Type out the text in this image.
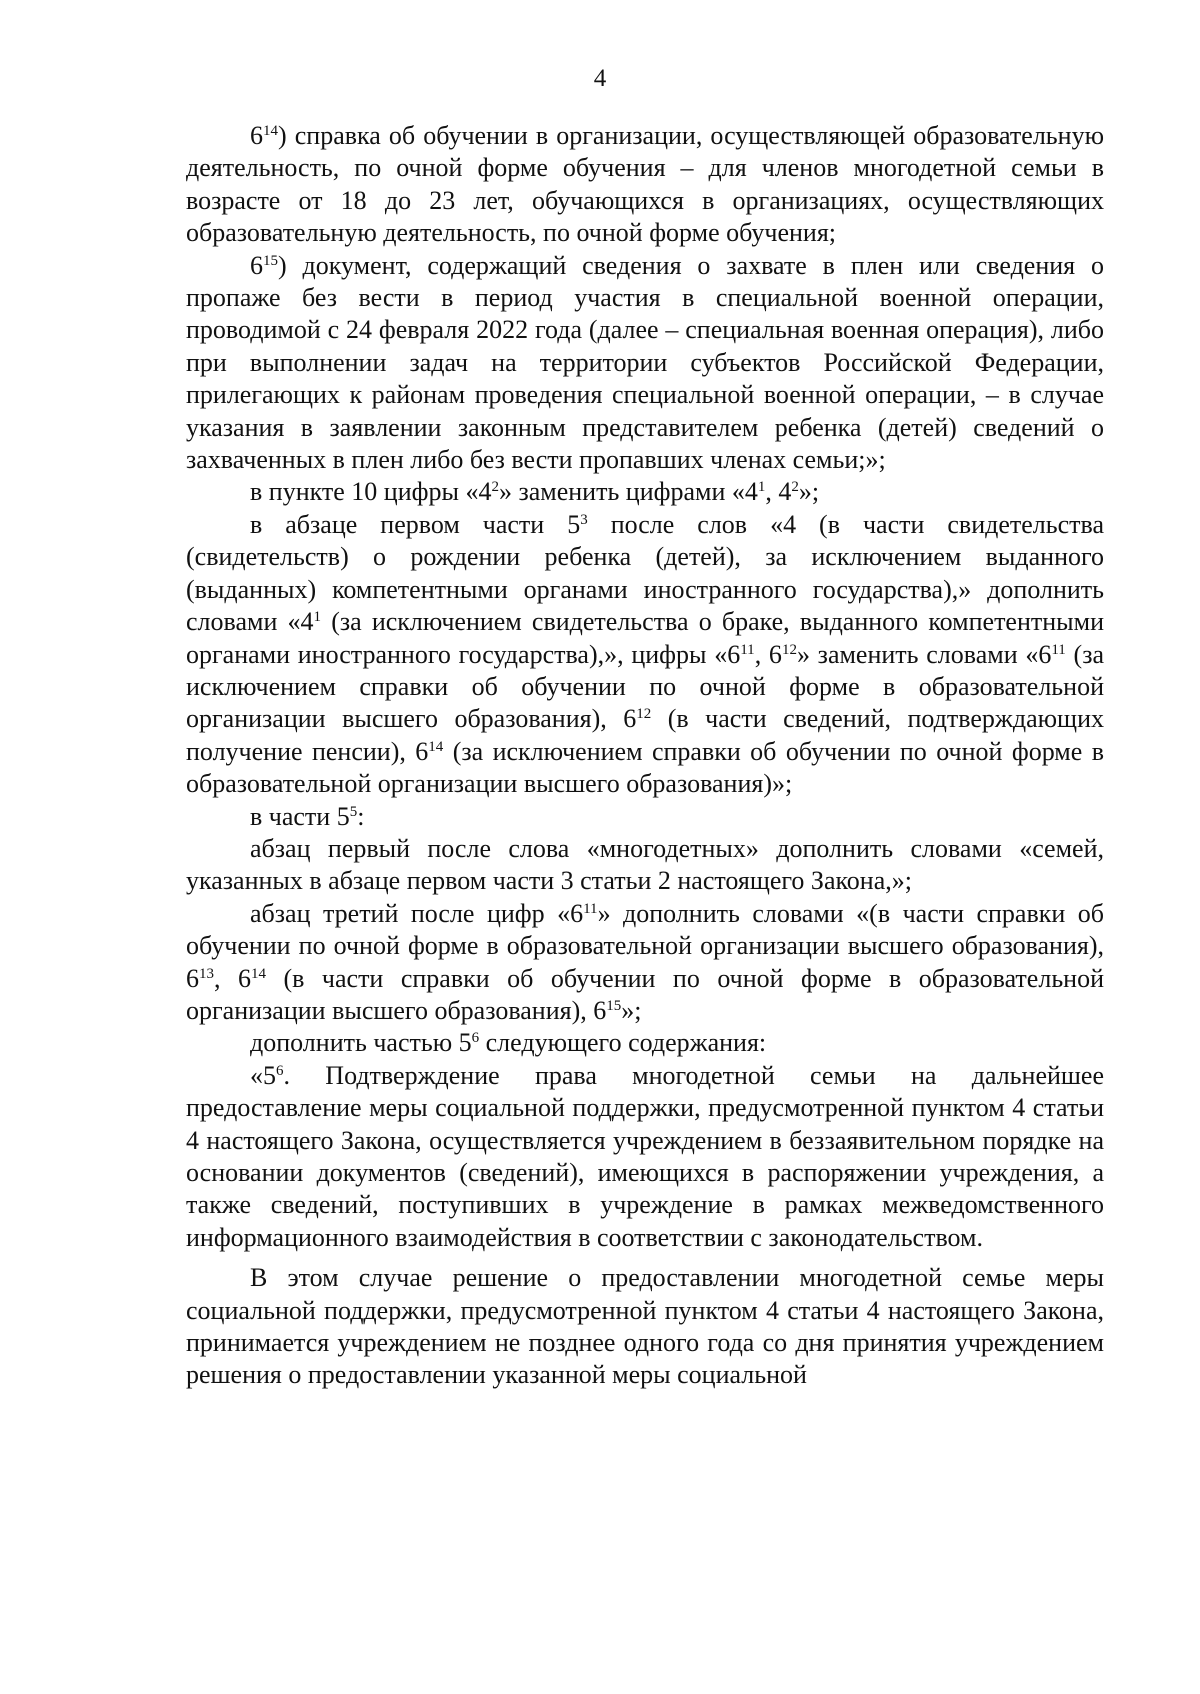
4

$6^{14}$) справка об обучении в организации, осуществляющей образовательную деятельность, по очной форме обучения – для членов многодетной семьи в возрасте от 18 до 23 лет, обучающихся в организациях, осуществляющих образовательную деятельность, по очной форме обучения;

$6^{15}$) документ, содержащий сведения о захвате в плен или сведения о пропаже без вести в период участия в специальной военной операции, проводимой с 24 февраля 2022 года (далее – специальная военная операция), либо при выполнении задач на территории субъектов Российской Федерации, прилегающих к районам проведения специальной военной операции, – в случае указания в заявлении законным представителем ребенка (детей) сведений о захваченных в плен либо без вести пропавших членах семьи;»;

в пункте 10 цифры «$4^2$» заменить цифрами «$4^1$, $4^2$»;

в абзаце первом части $5^3$ после слов «4 (в части свидетельства (свидетельств) о рождении ребенка (детей), за исключением выданного (выданных) компетентными органами иностранного государства),» дополнить словами «$4^1$ (за исключением свидетельства о браке, выданного компетентными органами иностранного государства),», цифры «$6^{11}$, $6^{12}$» заменить словами «$6^{11}$ (за исключением справки об обучении по очной форме в образовательной организации высшего образования), $6^{12}$ (в части сведений, подтверждающих получение пенсии), $6^{14}$ (за исключением справки об обучении по очной форме в образовательной организации высшего образования)»;

в части $5^5$:

абзац первый после слова «многодетных» дополнить словами «семей, указанных в абзаце первом части 3 статьи 2 настоящего Закона,»;

абзац третий после цифр «$6^{11}$» дополнить словами «(в части справки об обучении по очной форме в образовательной организации высшего образования), $6^{13}$, $6^{14}$ (в части справки об обучении по очной форме в образовательной организации высшего образования), $6^{15}$»;

дополнить частью $5^6$ следующего содержания:

«$5^6$. Подтверждение права многодетной семьи на дальнейшее предоставление меры социальной поддержки, предусмотренной пунктом 4 статьи 4 настоящего Закона, осуществляется учреждением в беззаявительном порядке на основании документов (сведений), имеющихся в распоряжении учреждения, а также сведений, поступивших в учреждение в рамках межведомственного информационного взаимодействия в соответствии с законодательством.

В этом случае решение о предоставлении многодетной семье меры социальной поддержки, предусмотренной пунктом 4 статьи 4 настоящего Закона, принимается учреждением не позднее одного года со дня принятия учреждением решения о предоставлении указанной меры социальной
